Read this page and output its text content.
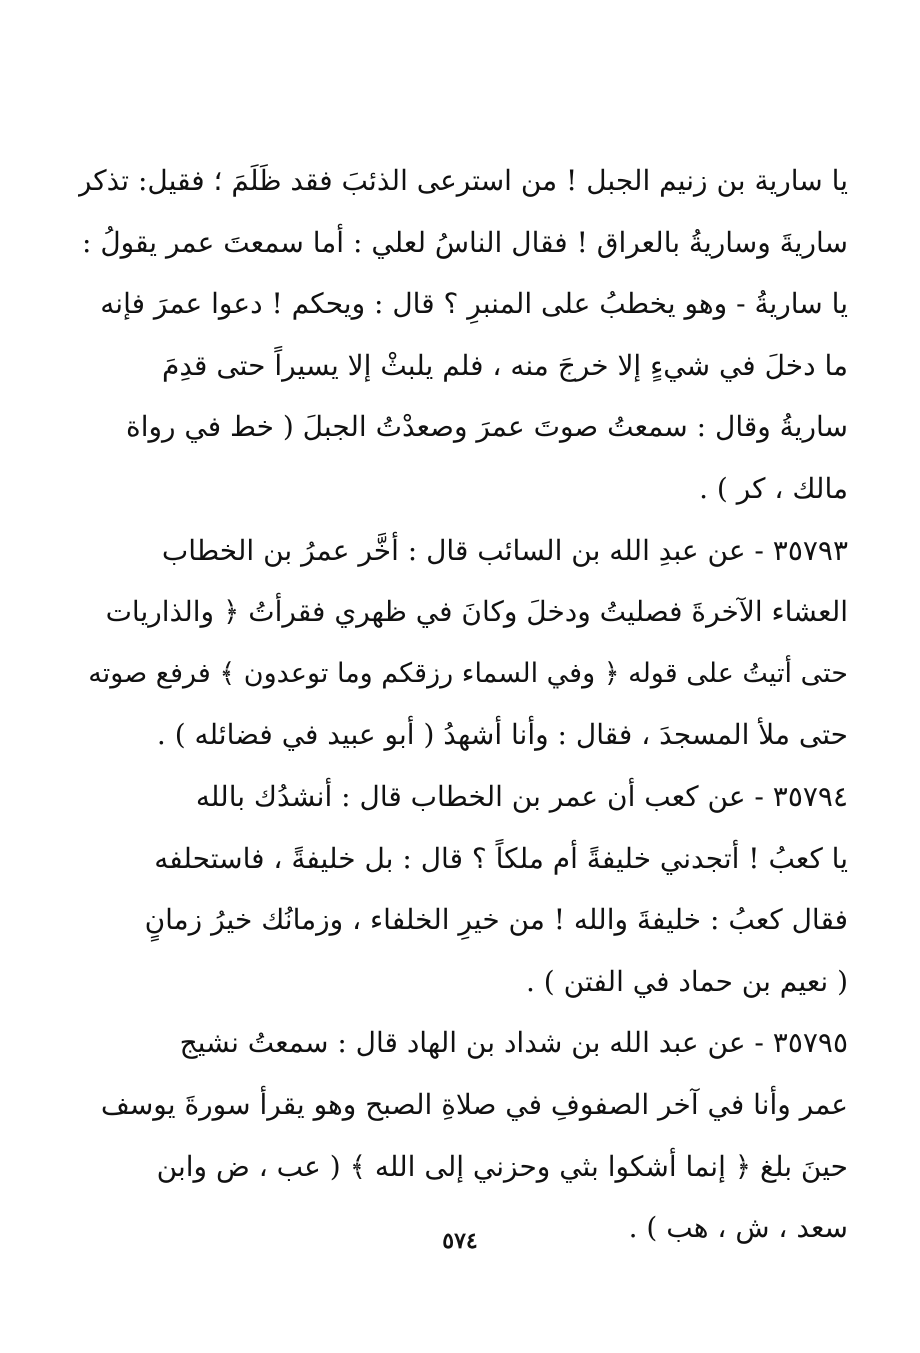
يا سارية بن زنيم الجبل ! من استرعى الذئبَ فقد ظَلَمَ ؛ فقيل: تذكر
ساريةَ وساريةُ بالعراق ! فقال الناسُ لعلي : أما سمعتَ عمر يقولُ :
يا ساريةُ - وهو يخطبُ على المنبرِ ؟ قال : ويحكم ! دعوا عمرَ فإنه
ما دخلَ في شيءٍ إلا خرجَ منه ، فلم يلبثْ إلا يسيراً حتى قدِمَ
ساريةُ وقال : سمعتُ صوتَ عمرَ وصعدْتُ الجبلَ ( خط في رواة
مالك ، كر ) .
٣٥٧٩٣ - عن عبدِ الله بن السائب قال : أخَّر عمرُ بن الخطاب
العشاء الآخرةَ فصليتُ ودخلَ وكانَ في ظهري فقرأتُ ﴿ والذاريات
حتى أتيتُ على قوله ﴿ وفي السماء رزقكم وما توعدون ﴾ فرفع صوته
حتى ملأ المسجدَ ، فقال : وأنا أشهدُ ( أبو عبيد في فضائله ) .
٣٥٧٩٤ - عن كعب أن عمر بن الخطاب قال : أنشدُك بالله
يا كعبُ ! أتجدني خليفةً أم ملكاً ؟ قال : بل خليفةً ، فاستحلفه
فقال كعبُ : خليفةَ والله ! من خيرِ الخلفاء ، وزمانُك خيرُ زمانٍ
( نعيم بن حماد في الفتن ) .
٣٥٧٩٥ - عن عبد الله بن شداد بن الهاد قال : سمعتُ نشيج
عمر وأنا في آخر الصفوفِ في صلاةِ الصبح وهو يقرأ سورةَ يوسف
حينَ بلغ ﴿ إنما أشكوا بثي وحزني إلى الله ﴾ ( عب ، ض وابن
سعد ، ش ، هب ) .
٥٧٤
